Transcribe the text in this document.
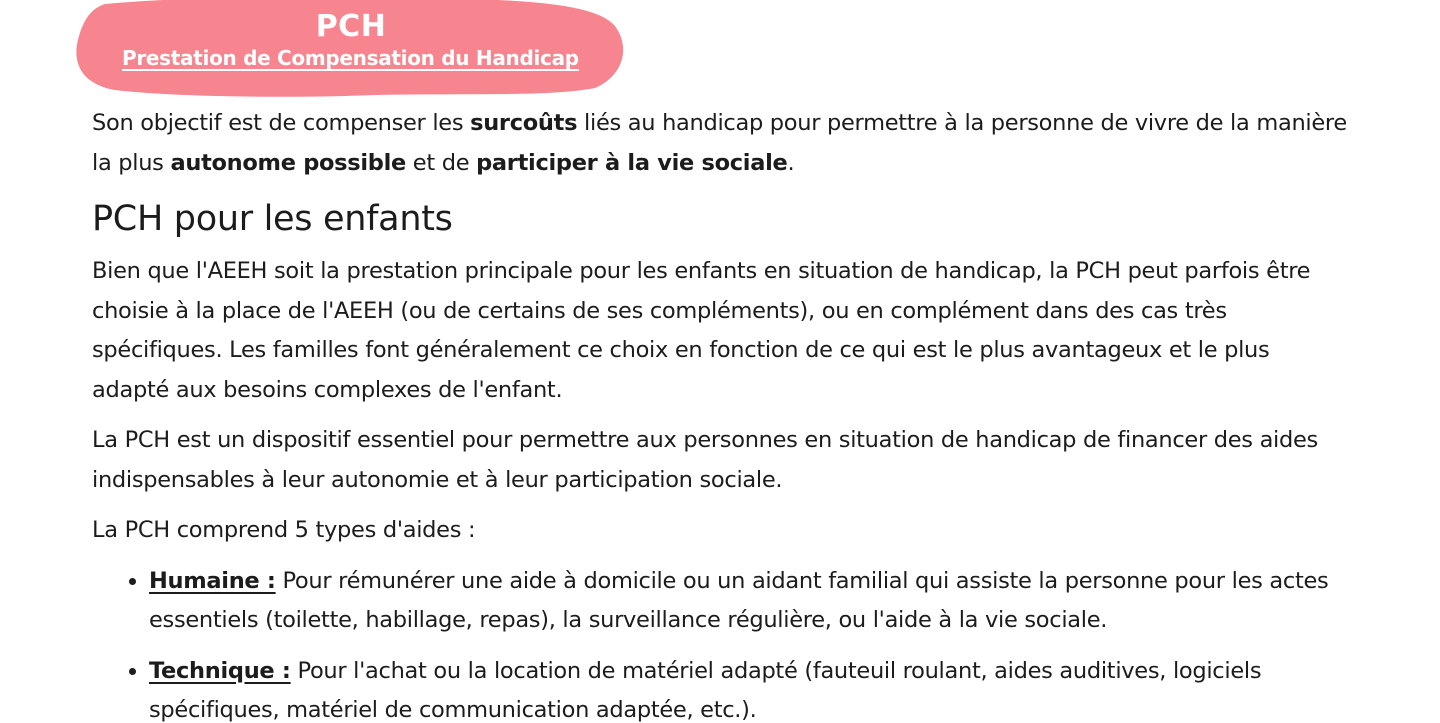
PCH
Prestation de Compensation du Handicap

Son objectif est de compenser les surcoûts liés au handicap pour permettre à la personne de vivre de la manière la plus autonome possible et de participer à la vie sociale.

PCH pour les enfants

Bien que l'AEEH soit la prestation principale pour les enfants en situation de handicap, la PCH peut parfois être choisie à la place de l'AEEH (ou de certains de ses compléments), ou en complément dans des cas très spécifiques. Les familles font généralement ce choix en fonction de ce qui est le plus avantageux et le plus adapté aux besoins complexes de l'enfant.

La PCH est un dispositif essentiel pour permettre aux personnes en situation de handicap de financer des aides indispensables à leur autonomie et à leur participation sociale.

La PCH comprend 5 types d'aides :

• Humaine : Pour rémunérer une aide à domicile ou un aidant familial qui assiste la personne pour les actes essentiels (toilette, habillage, repas), la surveillance régulière, ou l'aide à la vie sociale.
• Technique : Pour l'achat ou la location de matériel adapté (fauteuil roulant, aides auditives, logiciels spécifiques, matériel de communication adaptée, etc.).
